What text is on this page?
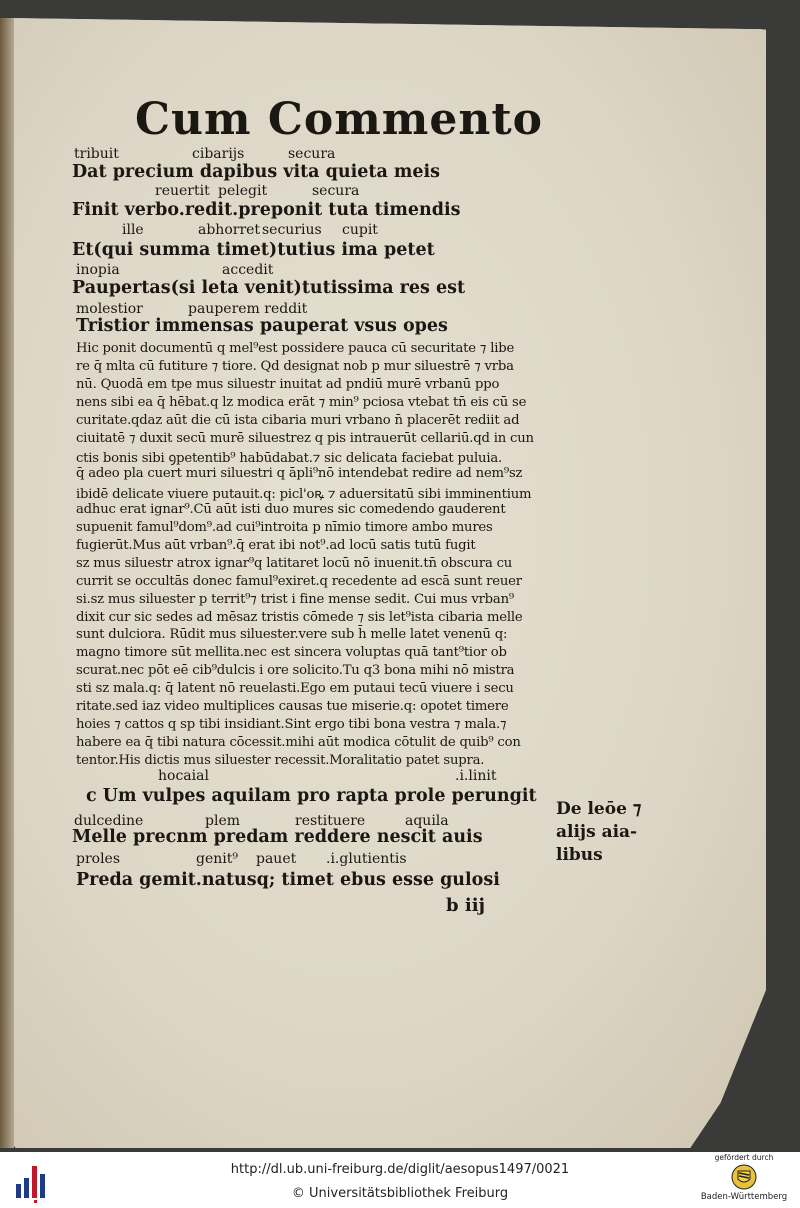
Cum Commento
tribuit	cibarijs	secura
Dat precium dapibus vita quieta meis
reuertit pelegit	secura
Finit verbo.redit.preponit tuta timendis
ille	abhorret securius cupit
Et(qui summa timet)tutius ima petet
inopia	accedit
Paupertas(si leta venit)tutissima res est
molestior	pauperem reddit
Tristior immensas pauperat vsus opes
Hic ponit documentū q mel⁹est possidere pauca cū securitate ⁊ libe
re q̄ mlta cū futiture ⁊ tiore. Qd designat nob p mur siluestrē ⁊ vrba
nū. Quodā em tpe mus siluestr inuitat ad pndiū murē vrbanū ppo
nens sibi ea q̄ hēbat.q lz modica erāt ⁊ min⁹ pciosa vtebat tn̄ eis cū se
curitate.qdaz aūt die cū ista cibaria muri vrbano n̄ placerēt rediit ad
ciuitatē ⁊ duxit secū murē siluestrez q pis intrauerūt cellariū.qd in cun
ctis bonis sibi ꝯpetentib⁹ habūdabat.⁊ sic delicata faciebat puluia.
q̄ adeo pla cuert muri siluestri q āpli⁹nō intendebat redire ad nem⁹sz
ibidē delicate viuere putauit.q: picl'oꝶ ⁊ aduersitatū sibi imminentium
adhuc erat ignar⁹.Cū aūt isti duo mures sic comedendo gauderent
supuenit famul⁹dom⁹.ad cui⁹introita p nīmio timore ambo mures
fugierūt.Mus aūt vrban⁹.q̄ erat ibi not⁹.ad locū satis tutū fugit
sz mus siluestr atrox ignar⁹q latitaret locū nō inuenit.tn̄ obscura cu
currit se occultās donec famul⁹exiret.q recedente ad escā sunt reuer
si.sz mus siluester p territ⁹⁊ trist i fine mense sedit. Cui mus vrban⁹
dixit cur sic sedes ad mēsaz tristis cōmede ⁊ sis let⁹ista cibaria melle
sunt dulciora. Rūdit mus siluester.vere sub h̄ melle latet venenū q:
magno timore sūt mellita.nec est sincera voluptas quā tant⁹tior ob
scurat.nec pōt eē cib⁹dulcis i ore solicito.Tu q3 bona mihi nō mistra
sti sz mala.q: q̄ latent nō reuelasti.Ego em putaui tecū viuere i secu
ritate.sed iaz video multiplices causas tue miserie.q: opotet timere
hoies ⁊ cattos q sp tibi insidiant.Sint ergo tibi bona vestra ⁊ mala.⁊
habere ea q̄ tibi natura cōcessit.mihi aūt modica cōtulit de quib⁹ con
tentor.His dictis mus siluester recessit.Moralitatio patet supra.
hocaial	.i.linit
c Um vulpes aquilam pro rapta prole perungit
dulcedine	plem	restituere	aquila
Melle precnm predam reddere nescit auis
proles	genit⁹ pauet .i.glutientis
Preda gemit.natusq; timet ebus esse gulosi
De leōe ⁊
alijs aia-
libus
b iij
http://dl.ub.uni-freiburg.de/diglit/aesopus1497/0021
© Universitätsbibliothek Freiburg
gefördert durch
Baden-Württemberg
